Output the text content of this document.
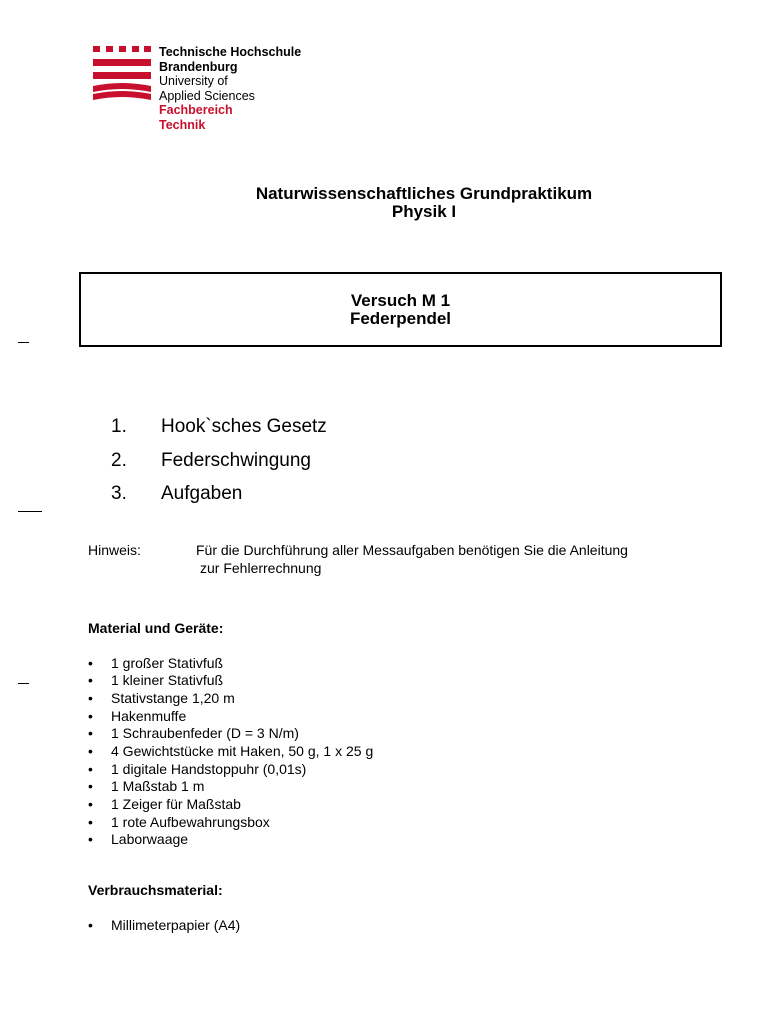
Technische Hochschule
Brandenburg
University of
Applied Sciences
Fachbereich
Technik
Naturwissenschaftliches Grundpraktikum
Physik I
Versuch M 1
Federpendel
1. Hook`sches Gesetz
2. Federschwingung
3. Aufgaben
Hinweis:	Für die Durchführung aller Messaufgaben benötigen Sie die Anleitung
zur Fehlerrechnung
Material und Geräte:
• 1 großer Stativfuß
• 1 kleiner Stativfuß
• Stativstange 1,20 m
• Hakenmuffe
• 1 Schraubenfeder (D = 3 N/m)
• 4 Gewichtstücke mit Haken, 50 g, 1 x 25 g
• 1 digitale Handstoppuhr (0,01s)
• 1 Maßstab 1 m
• 1 Zeiger für Maßstab
• 1 rote Aufbewahrungsbox
• Laborwaage
Verbrauchsmaterial:
• Millimeterpapier (A4)
